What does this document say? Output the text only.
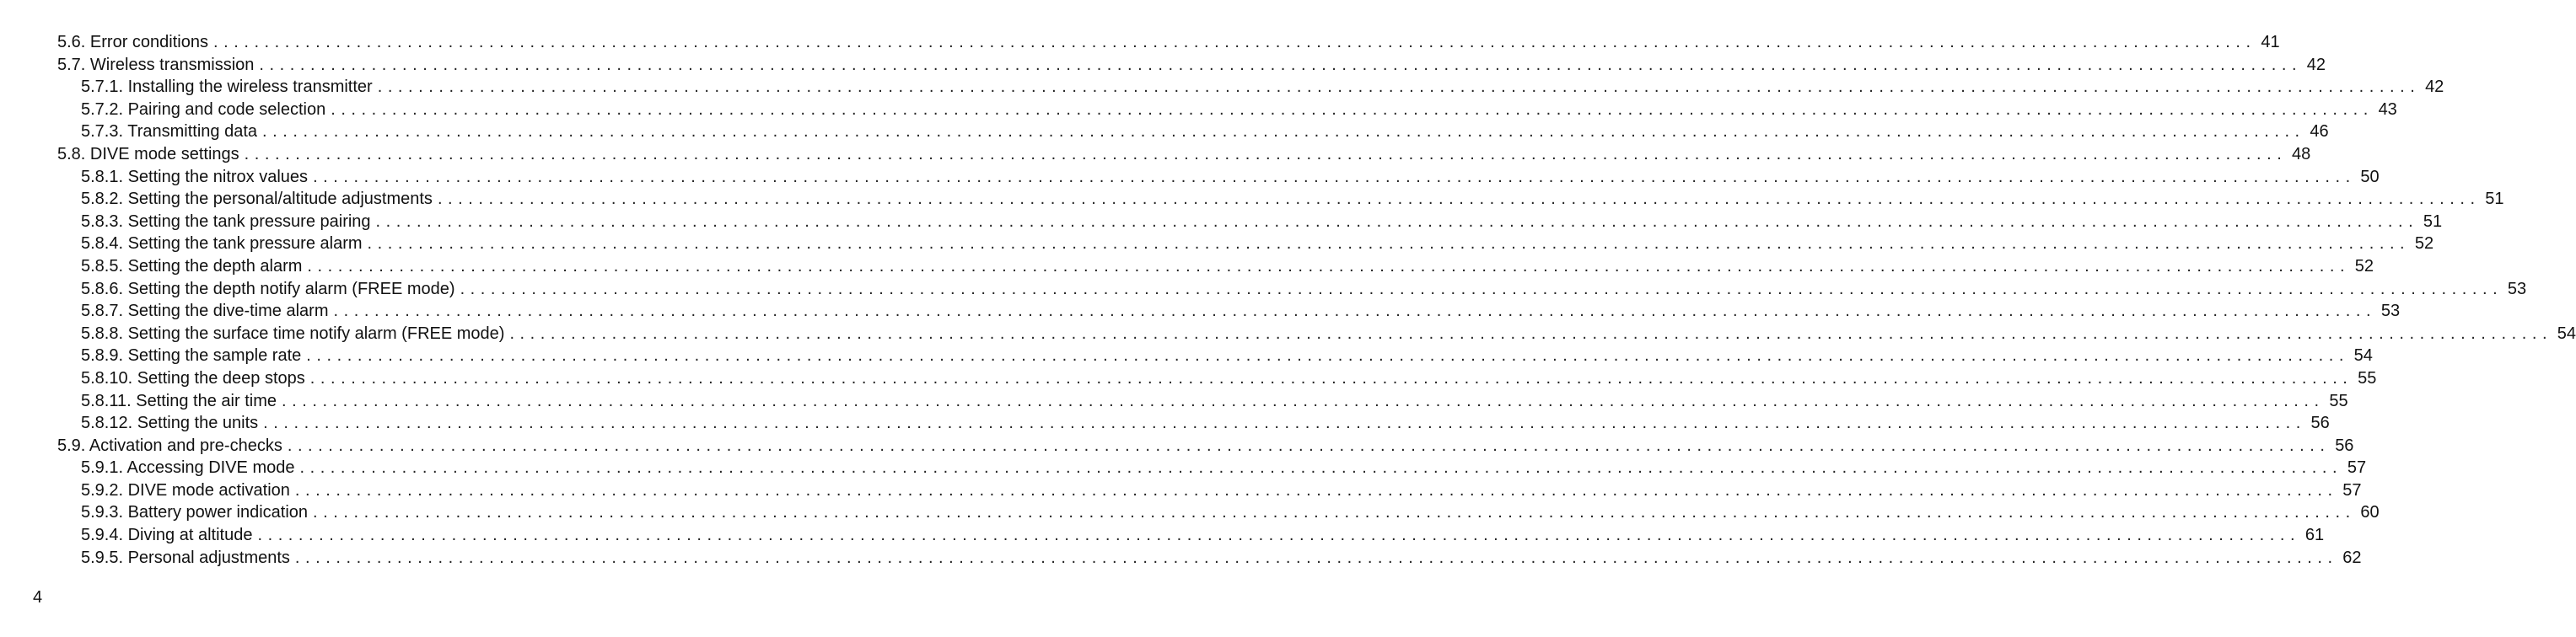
5.6. Error conditions . . . . . . . . . . . . . . . . . . . . . . . . . . . . . . . . . . . . . . . . . . . . . . . . . . . . . . . . . . . . . . . . . . . . . . . . . . . . . . . . . . . . . . . . . . . . . . . . . . . . . . . . . . . . . . . . . . . . . . . . . . . . . . . . . . . . . . . . . . . . . . . . . . . . . . . . . . . . . . . . . . . . . . . . . . . . . . . . . . . . . . . . . . . . . . . . . . . . . . . . 41
5.7. Wireless transmission . . . . . . . . . . . . . . . . . . . . . . . . . . . . . . . . . . . . . . . . . . . . . . . . . . . . . . . . . . . . . . . . . . . . . . . . . . . . . . . . . . . . . . . . . . . . . . . . . . . . . . . . . . . . . . . . . . . . . . . . . . . . . . . . . . . . . . . . . . . . . . . . . . . . . . . . . . . . . . . . . . . . . . . . . . . . . . . . . . . . . . . . . . . . . . . . . . . . . . . . 42
5.7.1. Installing the wireless transmitter . . . . . . . . . . . . . . . . . . . . . . . . . . . . . . . . . . . . . . . . . . . . . . . . . . . . . . . . . . . . . . . . . . . . . . . . . . . . . . . . . . . . . . . . . . . . . . . . . . . . . . . . . . . . . . . . . . . . . . . . . . . . . . . . . . . . . . . . . . . . . . . . . . . . . . . . . . . . . . . . . . . . . . . . . . . . . . . . . . . . . . . . . . . . . . . . . . . . . . . . 42
5.7.2. Pairing and code selection . . . . . . . . . . . . . . . . . . . . . . . . . . . . . . . . . . . . . . . . . . . . . . . . . . . . . . . . . . . . . . . . . . . . . . . . . . . . . . . . . . . . . . . . . . . . . . . . . . . . . . . . . . . . . . . . . . . . . . . . . . . . . . . . . . . . . . . . . . . . . . . . . . . . . . . . . . . . . . . . . . . . . . . . . . . . . . . . . . . . . . . . . . . . . . . . . . . . . . . . 43
5.7.3. Transmitting data . . . . . . . . . . . . . . . . . . . . . . . . . . . . . . . . . . . . . . . . . . . . . . . . . . . . . . . . . . . . . . . . . . . . . . . . . . . . . . . . . . . . . . . . . . . . . . . . . . . . . . . . . . . . . . . . . . . . . . . . . . . . . . . . . . . . . . . . . . . . . . . . . . . . . . . . . . . . . . . . . . . . . . . . . . . . . . . . . . . . . . . . . . . . . . . . . . . . . . . . 46
5.8. DIVE mode settings . . . . . . . . . . . . . . . . . . . . . . . . . . . . . . . . . . . . . . . . . . . . . . . . . . . . . . . . . . . . . . . . . . . . . . . . . . . . . . . . . . . . . . . . . . . . . . . . . . . . . . . . . . . . . . . . . . . . . . . . . . . . . . . . . . . . . . . . . . . . . . . . . . . . . . . . . . . . . . . . . . . . . . . . . . . . . . . . . . . . . . . . . . . . . . . . . . . . . . . . 48
5.8.1. Setting the nitrox values . . . . . . . . . . . . . . . . . . . . . . . . . . . . . . . . . . . . . . . . . . . . . . . . . . . . . . . . . . . . . . . . . . . . . . . . . . . . . . . . . . . . . . . . . . . . . . . . . . . . . . . . . . . . . . . . . . . . . . . . . . . . . . . . . . . . . . . . . . . . . . . . . . . . . . . . . . . . . . . . . . . . . . . . . . . . . . . . . . . . . . . . . . . . . . . . . . . . . . . . 50
5.8.2. Setting the personal/altitude adjustments . . . . . . . . . . . . . . . . . . . . . . . . . . . . . . . . . . . . . . . . . . . . . . . . . . . . . . . . . . . . . . . . . . . . . . . . . . . . . . . . . . . . . . . . . . . . . . . . . . . . . . . . . . . . . . . . . . . . . . . . . . . . . . . . . . . . . . . . . . . . . . . . . . . . . . . . . . . . . . . . . . . . . . . . . . . . . . . . . . . . . . . . . . . . . . . . . . . . . . . . 51
5.8.3. Setting the tank pressure pairing . . . . . . . . . . . . . . . . . . . . . . . . . . . . . . . . . . . . . . . . . . . . . . . . . . . . . . . . . . . . . . . . . . . . . . . . . . . . . . . . . . . . . . . . . . . . . . . . . . . . . . . . . . . . . . . . . . . . . . . . . . . . . . . . . . . . . . . . . . . . . . . . . . . . . . . . . . . . . . . . . . . . . . . . . . . . . . . . . . . . . . . . . . . . . . . . . . . . . . . . 51
5.8.4. Setting the tank pressure alarm . . . . . . . . . . . . . . . . . . . . . . . . . . . . . . . . . . . . . . . . . . . . . . . . . . . . . . . . . . . . . . . . . . . . . . . . . . . . . . . . . . . . . . . . . . . . . . . . . . . . . . . . . . . . . . . . . . . . . . . . . . . . . . . . . . . . . . . . . . . . . . . . . . . . . . . . . . . . . . . . . . . . . . . . . . . . . . . . . . . . . . . . . . . . . . . . . . . . . . . . 52
5.8.5. Setting the depth alarm . . . . . . . . . . . . . . . . . . . . . . . . . . . . . . . . . . . . . . . . . . . . . . . . . . . . . . . . . . . . . . . . . . . . . . . . . . . . . . . . . . . . . . . . . . . . . . . . . . . . . . . . . . . . . . . . . . . . . . . . . . . . . . . . . . . . . . . . . . . . . . . . . . . . . . . . . . . . . . . . . . . . . . . . . . . . . . . . . . . . . . . . . . . . . . . . . . . . . . . . 52
5.8.6. Setting the depth notify alarm (FREE mode) . . . . . . . . . . . . . . . . . . . . . . . . . . . . . . . . . . . . . . . . . . . . . . . . . . . . . . . . . . . . . . . . . . . . . . . . . . . . . . . . . . . . . . . . . . . . . . . . . . . . . . . . . . . . . . . . . . . . . . . . . . . . . . . . . . . . . . . . . . . . . . . . . . . . . . . . . . . . . . . . . . . . . . . . . . . . . . . . . . . . . . . . . . . . . . . . . . . . . . . . 53
5.8.7. Setting the dive-time alarm . . . . . . . . . . . . . . . . . . . . . . . . . . . . . . . . . . . . . . . . . . . . . . . . . . . . . . . . . . . . . . . . . . . . . . . . . . . . . . . . . . . . . . . . . . . . . . . . . . . . . . . . . . . . . . . . . . . . . . . . . . . . . . . . . . . . . . . . . . . . . . . . . . . . . . . . . . . . . . . . . . . . . . . . . . . . . . . . . . . . . . . . . . . . . . . . . . . . . . . . 53
5.8.8. Setting the surface time notify alarm (FREE mode) . . . . . . . . . . . . . . . . . . . . . . . . . . . . . . . . . . . . . . . . . . . . . . . . . . . . . . . . . . . . . . . . . . . . . . . . . . . . . . . . . . . . . . . . . . . . . . . . . . . . . . . . . . . . . . . . . . . . . . . . . . . . . . . . . . . . . . . . . . . . . . . . . . . . . . . . . . . . . . . . . . . . . . . . . . . . . . . . . . . . . . . . . . . . . . . . . . . . . . . . 54
5.8.9. Setting the sample rate . . . . . . . . . . . . . . . . . . . . . . . . . . . . . . . . . . . . . . . . . . . . . . . . . . . . . . . . . . . . . . . . . . . . . . . . . . . . . . . . . . . . . . . . . . . . . . . . . . . . . . . . . . . . . . . . . . . . . . . . . . . . . . . . . . . . . . . . . . . . . . . . . . . . . . . . . . . . . . . . . . . . . . . . . . . . . . . . . . . . . . . . . . . . . . . . . . . . . . . . 54
5.8.10. Setting the deep stops . . . . . . . . . . . . . . . . . . . . . . . . . . . . . . . . . . . . . . . . . . . . . . . . . . . . . . . . . . . . . . . . . . . . . . . . . . . . . . . . . . . . . . . . . . . . . . . . . . . . . . . . . . . . . . . . . . . . . . . . . . . . . . . . . . . . . . . . . . . . . . . . . . . . . . . . . . . . . . . . . . . . . . . . . . . . . . . . . . . . . . . . . . . . . . . . . . . . . . . . 55
5.8.11. Setting the air time . . . . . . . . . . . . . . . . . . . . . . . . . . . . . . . . . . . . . . . . . . . . . . . . . . . . . . . . . . . . . . . . . . . . . . . . . . . . . . . . . . . . . . . . . . . . . . . . . . . . . . . . . . . . . . . . . . . . . . . . . . . . . . . . . . . . . . . . . . . . . . . . . . . . . . . . . . . . . . . . . . . . . . . . . . . . . . . . . . . . . . . . . . . . . . . . . . . . . . . . 55
5.8.12. Setting the units . . . . . . . . . . . . . . . . . . . . . . . . . . . . . . . . . . . . . . . . . . . . . . . . . . . . . . . . . . . . . . . . . . . . . . . . . . . . . . . . . . . . . . . . . . . . . . . . . . . . . . . . . . . . . . . . . . . . . . . . . . . . . . . . . . . . . . . . . . . . . . . . . . . . . . . . . . . . . . . . . . . . . . . . . . . . . . . . . . . . . . . . . . . . . . . . . . . . . . . . 56
5.9. Activation and pre-checks . . . . . . . . . . . . . . . . . . . . . . . . . . . . . . . . . . . . . . . . . . . . . . . . . . . . . . . . . . . . . . . . . . . . . . . . . . . . . . . . . . . . . . . . . . . . . . . . . . . . . . . . . . . . . . . . . . . . . . . . . . . . . . . . . . . . . . . . . . . . . . . . . . . . . . . . . . . . . . . . . . . . . . . . . . . . . . . . . . . . . . . . . . . . . . . . . . . . . . . . 56
5.9.1. Accessing DIVE mode . . . . . . . . . . . . . . . . . . . . . . . . . . . . . . . . . . . . . . . . . . . . . . . . . . . . . . . . . . . . . . . . . . . . . . . . . . . . . . . . . . . . . . . . . . . . . . . . . . . . . . . . . . . . . . . . . . . . . . . . . . . . . . . . . . . . . . . . . . . . . . . . . . . . . . . . . . . . . . . . . . . . . . . . . . . . . . . . . . . . . . . . . . . . . . . . . . . . . . . . 57
5.9.2. DIVE mode activation . . . . . . . . . . . . . . . . . . . . . . . . . . . . . . . . . . . . . . . . . . . . . . . . . . . . . . . . . . . . . . . . . . . . . . . . . . . . . . . . . . . . . . . . . . . . . . . . . . . . . . . . . . . . . . . . . . . . . . . . . . . . . . . . . . . . . . . . . . . . . . . . . . . . . . . . . . . . . . . . . . . . . . . . . . . . . . . . . . . . . . . . . . . . . . . . . . . . . . . . 57
5.9.3. Battery power indication . . . . . . . . . . . . . . . . . . . . . . . . . . . . . . . . . . . . . . . . . . . . . . . . . . . . . . . . . . . . . . . . . . . . . . . . . . . . . . . . . . . . . . . . . . . . . . . . . . . . . . . . . . . . . . . . . . . . . . . . . . . . . . . . . . . . . . . . . . . . . . . . . . . . . . . . . . . . . . . . . . . . . . . . . . . . . . . . . . . . . . . . . . . . . . . . . . . . . . . . 60
5.9.4. Diving at altitude . . . . . . . . . . . . . . . . . . . . . . . . . . . . . . . . . . . . . . . . . . . . . . . . . . . . . . . . . . . . . . . . . . . . . . . . . . . . . . . . . . . . . . . . . . . . . . . . . . . . . . . . . . . . . . . . . . . . . . . . . . . . . . . . . . . . . . . . . . . . . . . . . . . . . . . . . . . . . . . . . . . . . . . . . . . . . . . . . . . . . . . . . . . . . . . . . . . . . . . . 61
5.9.5. Personal adjustments . . . . . . . . . . . . . . . . . . . . . . . . . . . . . . . . . . . . . . . . . . . . . . . . . . . . . . . . . . . . . . . . . . . . . . . . . . . . . . . . . . . . . . . . . . . . . . . . . . . . . . . . . . . . . . . . . . . . . . . . . . . . . . . . . . . . . . . . . . . . . . . . . . . . . . . . . . . . . . . . . . . . . . . . . . . . . . . . . . . . . . . . . . . . . . . . . . . . . . . . 62
4
